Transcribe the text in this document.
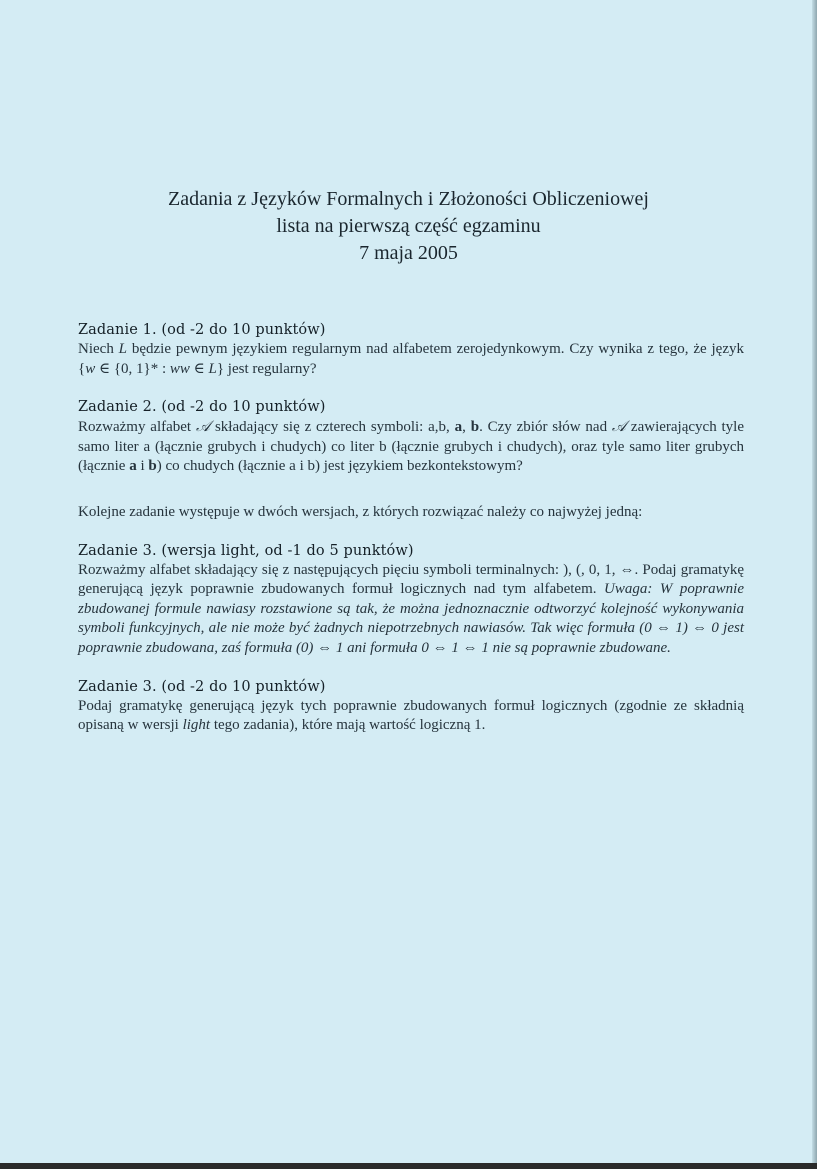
Zadania z Języków Formalnych i Złożoności Obliczeniowej
lista na pierwszą część egzaminu
7 maja 2005
Zadanie 1. (od -2 do 10 punktów)
Niech L będzie pewnym językiem regularnym nad alfabetem zerojedynkowym. Czy wynika z tego, że język {w ∈ {0, 1}* : ww ∈ L} jest regularny?
Zadanie 2. (od -2 do 10 punktów)
Rozważmy alfabet 𝒜 składający się z czterech symboli: a,b, a, b. Czy zbiór słów nad 𝒜 zawierających tyle samo liter a (łącznie grubych i chudych) co liter b (łącznie grubych i chudych), oraz tyle samo liter grubych (łącznie a i b) co chudych (łącznie a i b) jest językiem bezkontekstowym?
Kolejne zadanie występuje w dwóch wersjach, z których rozwiązać należy co najwyżej jedną:
Zadanie 3. (wersja light, od -1 do 5 punktów)
Rozważmy alfabet składający się z następujących pięciu symboli terminalnych: ), (, 0, 1, ⇔. Podaj gramatykę generującą język poprawnie zbudowanych formuł logicznych nad tym alfabetem. Uwaga: W poprawnie zbudowanej formule nawiasy rozstawione są tak, że można jednoznacznie odtworzyć kolejność wykonywania symboli funkcyjnych, ale nie może być żadnych niepotrzebnych nawiasów. Tak więc formuła (0 ⇔ 1) ⇔ 0 jest poprawnie zbudowana, zaś formuła (0) ⇔ 1 ani formuła 0 ⇔ 1 ⇔ 1 nie są poprawnie zbudowane.
Zadanie 3. (od -2 do 10 punktów)
Podaj gramatykę generującą język tych poprawnie zbudowanych formuł logicznych (zgodnie ze składnią opisaną w wersji light tego zadania), które mają wartość logiczną 1.
